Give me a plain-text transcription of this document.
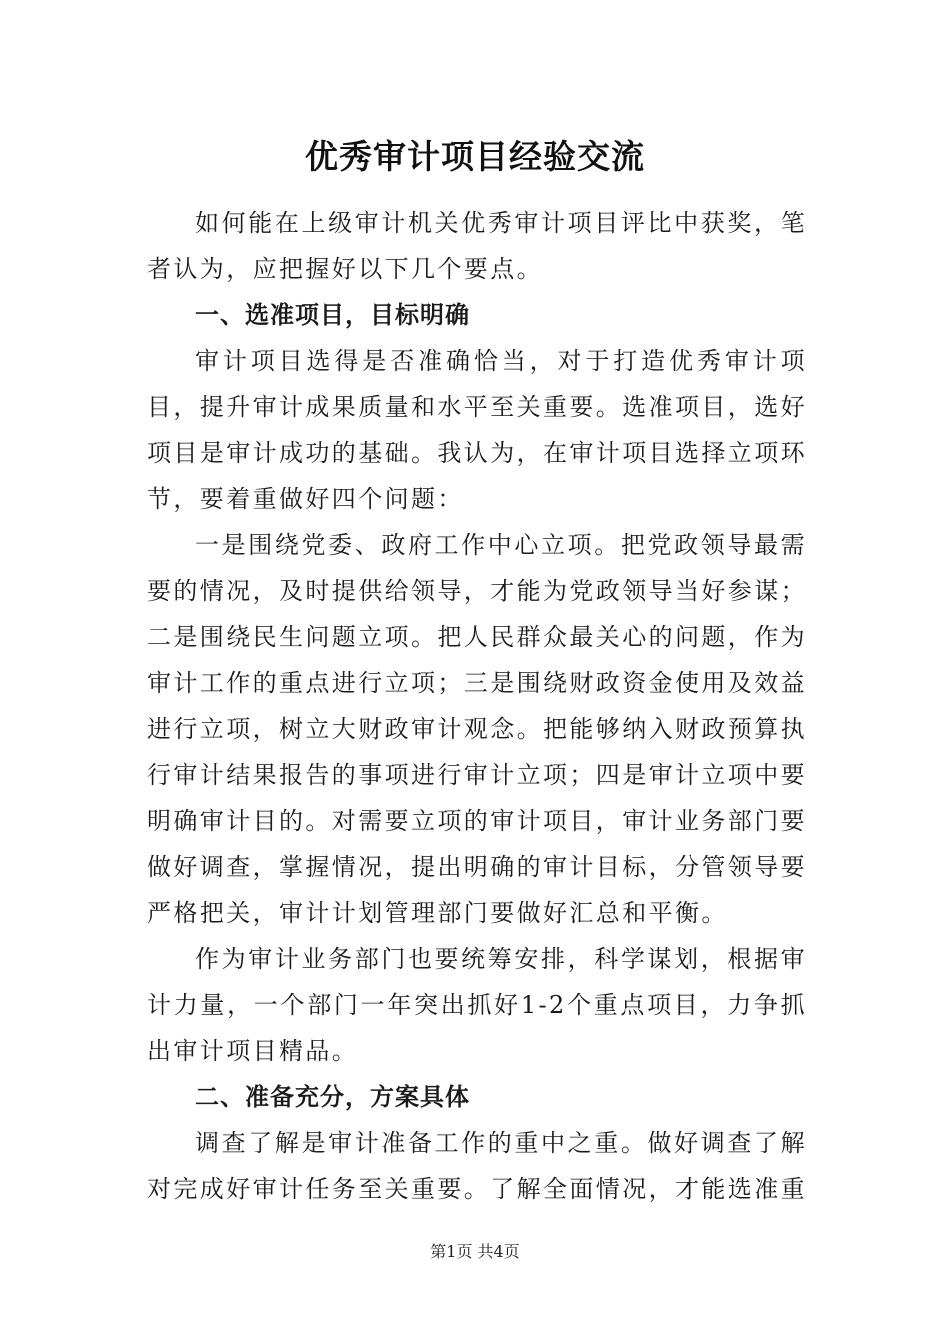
优秀审计项目经验交流

如何能在上级审计机关优秀审计项目评比中获奖，笔者认为，应把握好以下几个要点。

一、选准项目，目标明确

审计项目选得是否准确恰当，对于打造优秀审计项目，提升审计成果质量和水平至关重要。选准项目，选好项目是审计成功的基础。我认为，在审计项目选择立项环节，要着重做好四个问题：

一是围绕党委、政府工作中心立项。把党政领导最需要的情况，及时提供给领导，才能为党政领导当好参谋；二是围绕民生问题立项。把人民群众最关心的问题，作为审计工作的重点进行立项；三是围绕财政资金使用及效益进行立项，树立大财政审计观念。把能够纳入财政预算执行审计结果报告的事项进行审计立项；四是审计立项中要明确审计目的。对需要立项的审计项目，审计业务部门要做好调查，掌握情况，提出明确的审计目标，分管领导要严格把关，审计计划管理部门要做好汇总和平衡。

作为审计业务部门也要统筹安排，科学谋划，根据审计力量，一个部门一年突出抓好1-2个重点项目，力争抓出审计项目精品。

二、准备充分，方案具体

调查了解是审计准备工作的重中之重。做好调查了解对完成好审计任务至关重要。了解全面情况，才能选准重

第1页 共4页
